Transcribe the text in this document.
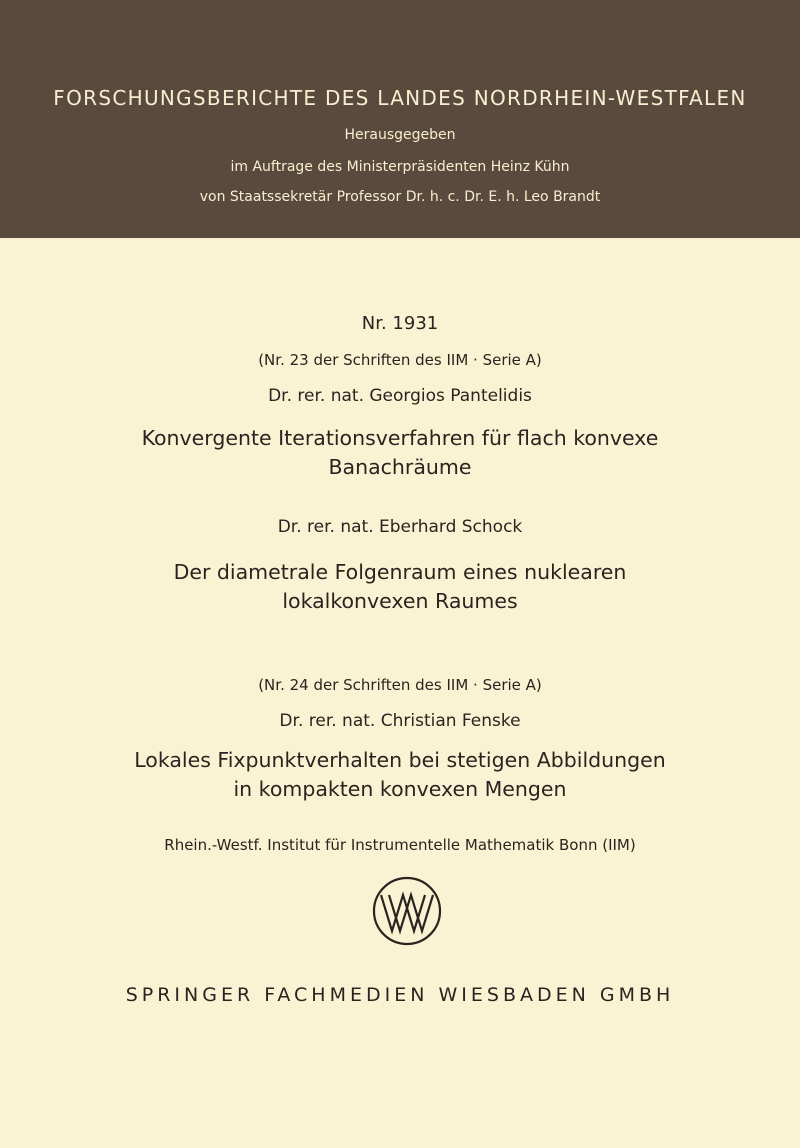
FORSCHUNGSBERICHTE DES LANDES NORDRHEIN-WESTFALEN
Herausgegeben
im Auftrage des Ministerpräsidenten Heinz Kühn
von Staatssekretär Professor Dr. h. c. Dr. E. h. Leo Brandt
Nr. 1931
(Nr. 23 der Schriften des IIM · Serie A)
Dr. rer. nat. Georgios Pantelidis
Konvergente Iterationsverfahren für flach konvexe
Banachräume
Dr. rer. nat. Eberhard Schock
Der diametrale Folgenraum eines nuklearen
lokalkonvexen Raumes
(Nr. 24 der Schriften des IIM · Serie A)
Dr. rer. nat. Christian Fenske
Lokales Fixpunktverhalten bei stetigen Abbildungen
in kompakten konvexen Mengen
Rhein.-Westf. Institut für Instrumentelle Mathematik Bonn (IIM)
SPRINGER FACHMEDIEN WIESBADEN GMBH
